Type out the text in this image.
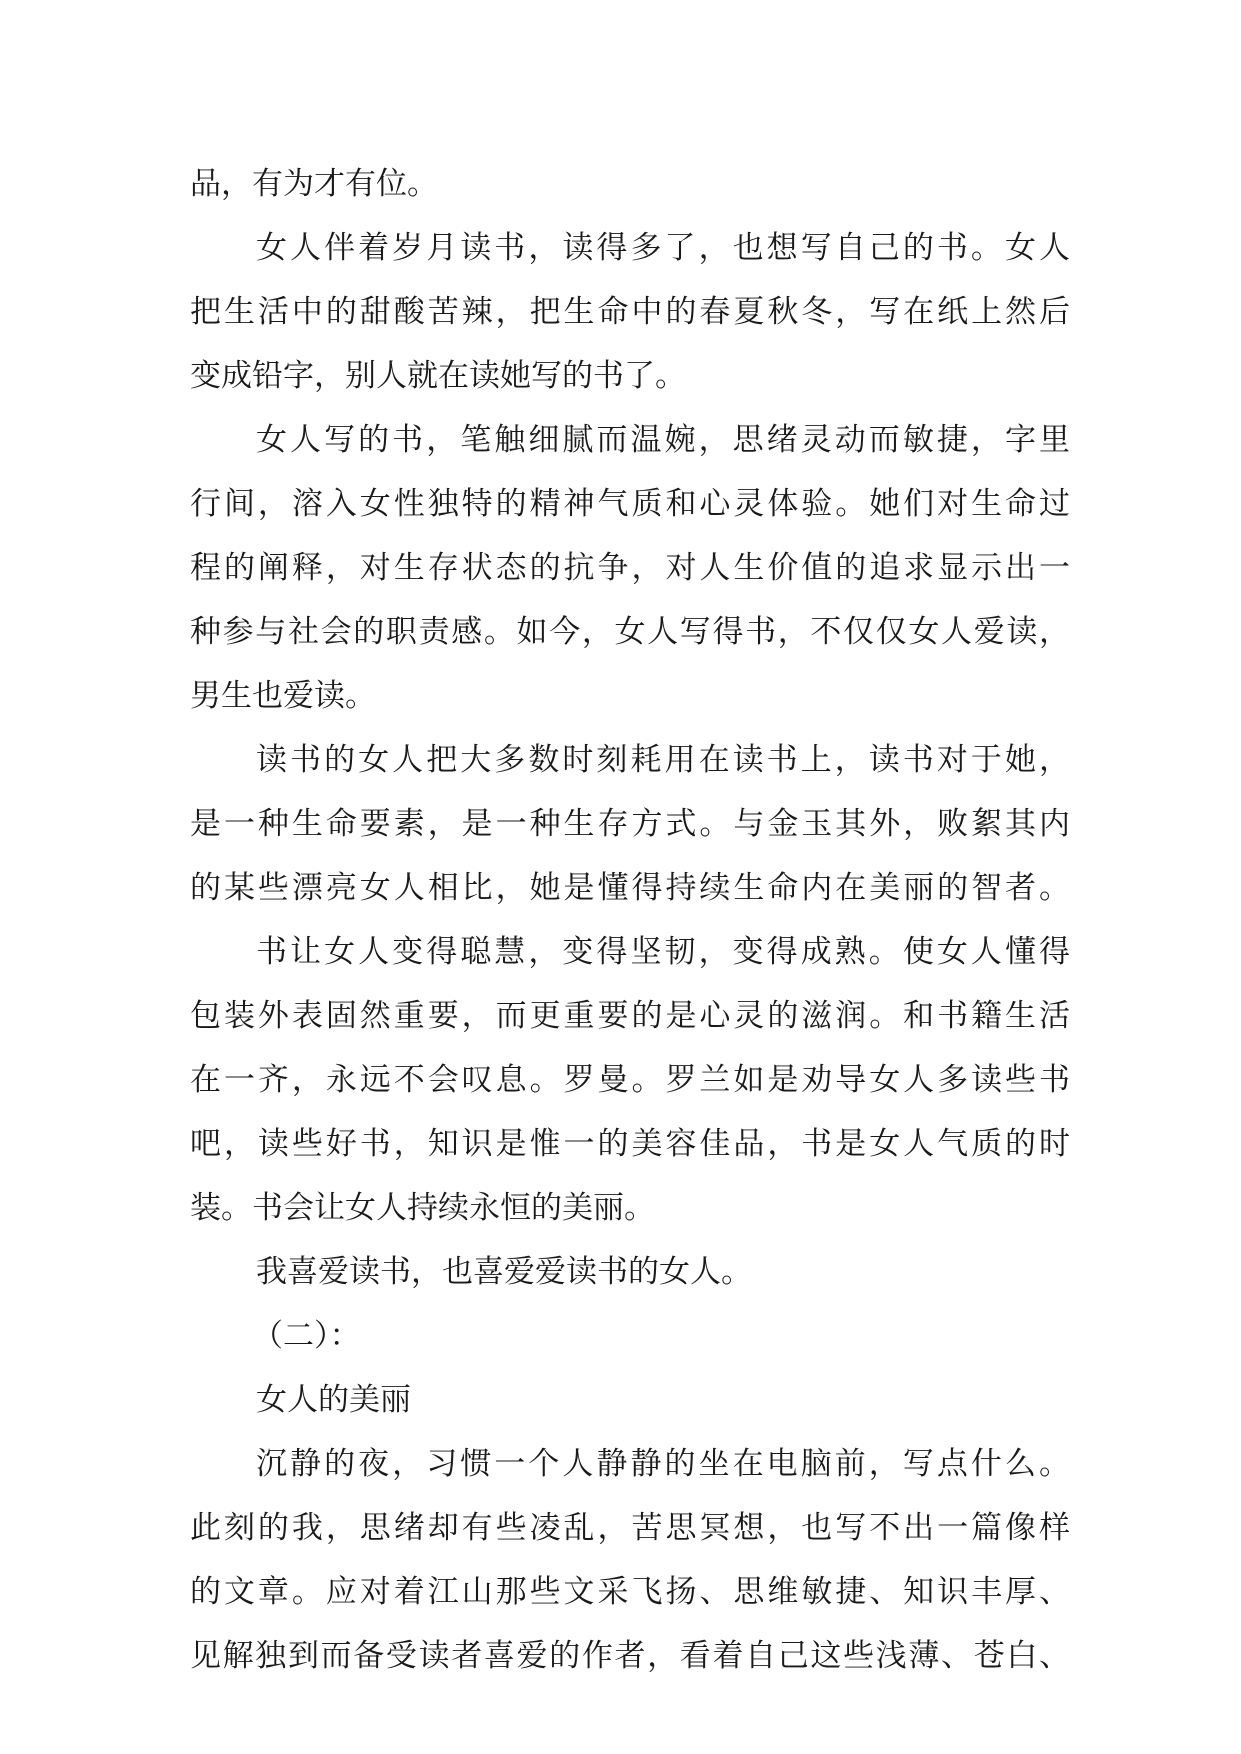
品，有为才有位。
女人伴着岁月读书，读得多了，也想写自己的书。女人
把生活中的甜酸苦辣，把生命中的春夏秋冬，写在纸上然后
变成铅字，别人就在读她写的书了。
女人写的书，笔触细腻而温婉，思绪灵动而敏捷，字里
行间，溶入女性独特的精神气质和心灵体验。她们对生命过
程的阐释，对生存状态的抗争，对人生价值的追求显示出一
种参与社会的职责感。如今，女人写得书，不仅仅女人爱读，
男生也爱读。
读书的女人把大多数时刻耗用在读书上，读书对于她，
是一种生命要素，是一种生存方式。与金玉其外，败絮其内
的某些漂亮女人相比，她是懂得持续生命内在美丽的智者。
书让女人变得聪慧，变得坚韧，变得成熟。使女人懂得
包装外表固然重要，而更重要的是心灵的滋润。和书籍生活
在一齐，永远不会叹息。罗曼。罗兰如是劝导女人多读些书
吧，读些好书，知识是惟一的美容佳品，书是女人气质的时
装。书会让女人持续永恒的美丽。
我喜爱读书，也喜爱爱读书的女人。
（二）：
女人的美丽
沉静的夜，习惯一个人静静的坐在电脑前，写点什么。
此刻的我，思绪却有些凌乱，苦思冥想，也写不出一篇像样
的文章。应对着江山那些文采飞扬、思维敏捷、知识丰厚、
见解独到而备受读者喜爱的作者，看着自己这些浅薄、苍白、
